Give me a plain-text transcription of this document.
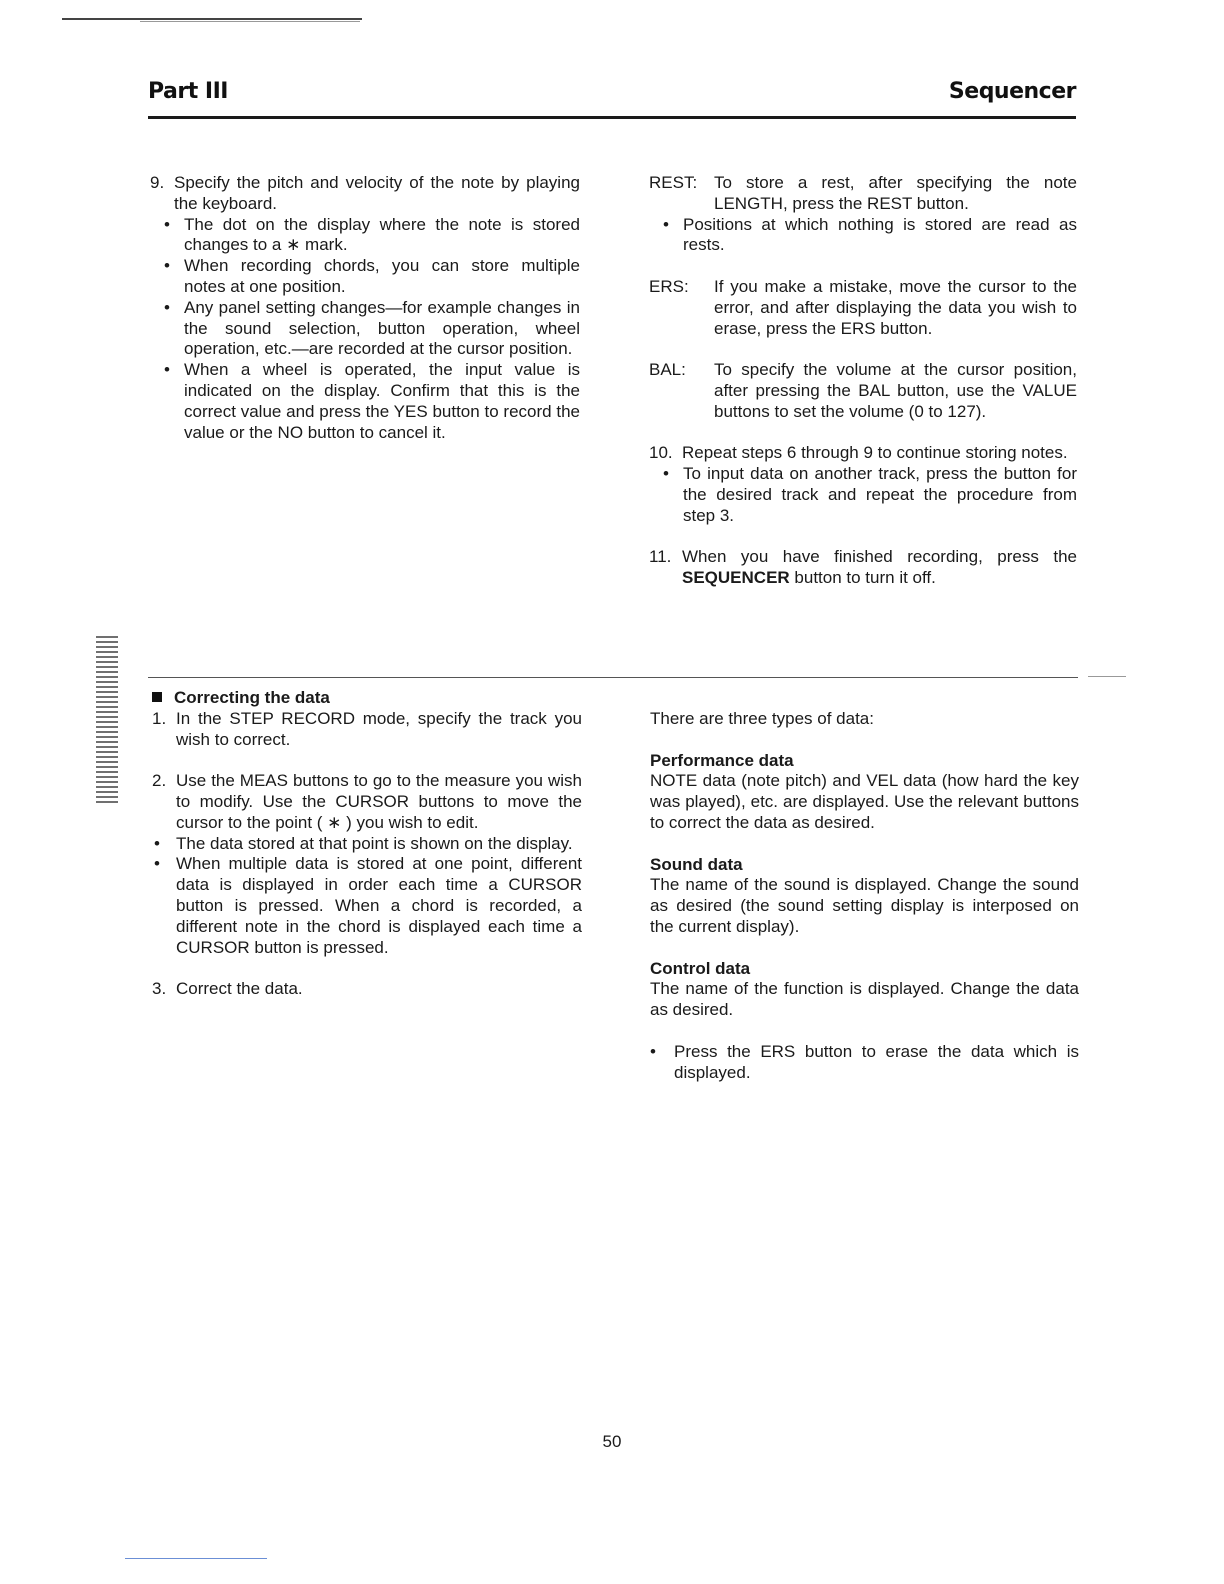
Part III	Sequencer

9. Specify the pitch and velocity of the note by playing the keyboard.

• The dot on the display where the note is stored changes to a ∗ mark.

• When recording chords, you can store multiple notes at one position.

• Any panel setting changes—for example changes in the sound selection, button operation, wheel operation, etc.—are recorded at the cursor position.

• When a wheel is operated, the input value is indicated on the display. Confirm that this is the correct value and press the YES button to record the value or the NO button to cancel it.

REST: To store a rest, after specifying the note LENGTH, press the REST button.

• Positions at which nothing is stored are read as rests.

ERS: If you make a mistake, move the cursor to the error, and after displaying the data you wish to erase, press the ERS button.

BAL: To specify the volume at the cursor position, after pressing the BAL button, use the VALUE buttons to set the volume (0 to 127).

10. Repeat steps 6 through 9 to continue storing notes.

• To input data on another track, press the button for the desired track and repeat the procedure from step 3.

11. When you have finished recording, press the SEQUENCER button to turn it off.

Correcting the data

1. In the STEP RECORD mode, specify the track you wish to correct.

2. Use the MEAS buttons to go to the measure you wish to modify. Use the CURSOR buttons to move the cursor to the point ( ∗ ) you wish to edit.

• The data stored at that point is shown on the display.

• When multiple data is stored at one point, different data is displayed in order each time a CURSOR button is pressed. When a chord is recorded, a different note in the chord is displayed each time a CURSOR button is pressed.

3. Correct the data.

There are three types of data:

Performance data

NOTE data (note pitch) and VEL data (how hard the key was played), etc. are displayed. Use the relevant buttons to correct the data as desired.

Sound data

The name of the sound is displayed. Change the sound as desired (the sound setting display is interposed on the current display).

Control data

The name of the function is displayed. Change the data as desired.

• Press the ERS button to erase the data which is displayed.

50
